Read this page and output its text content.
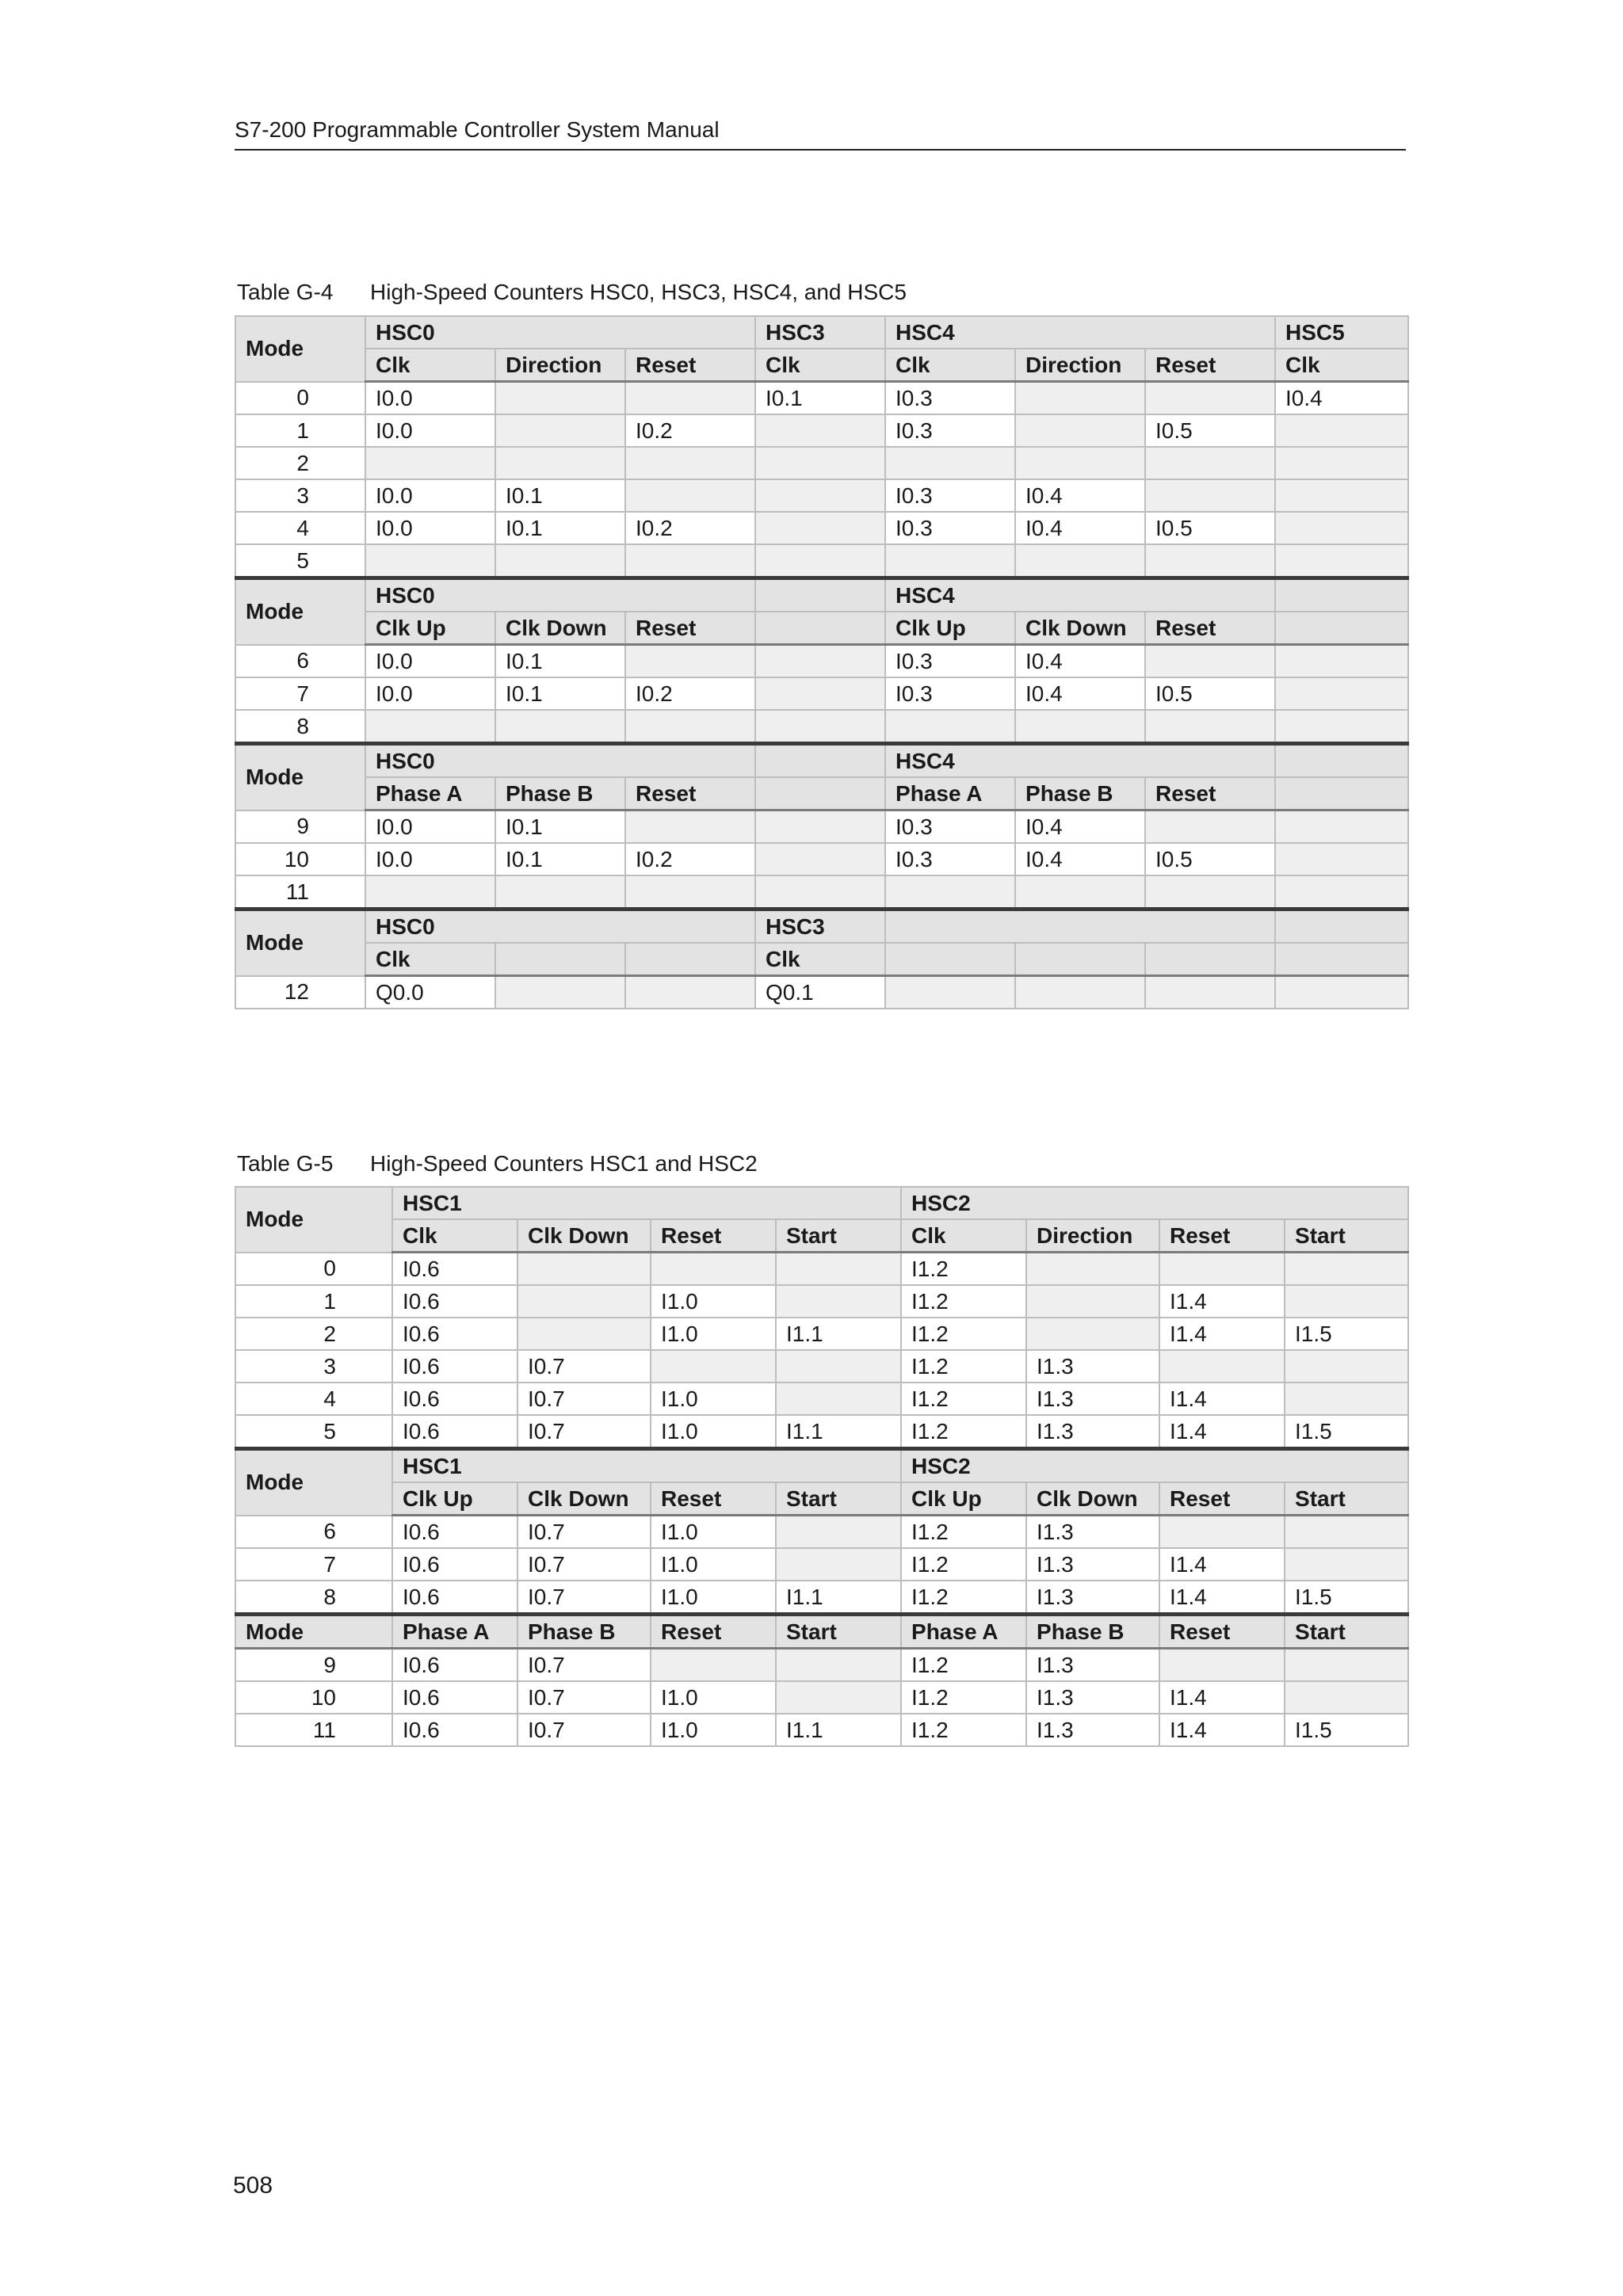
S7-200 Programmable Controller System Manual
Table G-4 High-Speed Counters HSC0, HSC3, HSC4, and HSC5
Mode	HSC0			HSC3	HSC4			HSC5
	Clk	Direction	Reset	Clk	Clk	Direction	Reset	Clk
0	I0.0			I0.1	I0.3			I0.4
1	I0.0		I0.2		I0.3		I0.5	
2								
3	I0.0	I0.1			I0.3	I0.4		
4	I0.0	I0.1	I0.2		I0.3	I0.4	I0.5	
5								
Mode	HSC0				HSC4			
	Clk Up	Clk Down	Reset		Clk Up	Clk Down	Reset	
6	I0.0	I0.1			I0.3	I0.4		
7	I0.0	I0.1	I0.2		I0.3	I0.4	I0.5	
8								
Mode	HSC0				HSC4			
	Phase A	Phase B	Reset		Phase A	Phase B	Reset	
9	I0.0	I0.1			I0.3	I0.4		
10	I0.0	I0.1	I0.2		I0.3	I0.4	I0.5	
11								
Mode	HSC0			HSC3				
	Clk			Clk				
12	Q0.0			Q0.1				
Table G-5 High-Speed Counters HSC1 and HSC2
Mode	HSC1				HSC2			
	Clk	Clk Down	Reset	Start	Clk	Direction	Reset	Start
0	I0.6				I1.2			
1	I0.6		I1.0		I1.2		I1.4	
2	I0.6		I1.0	I1.1	I1.2		I1.4	I1.5
3	I0.6	I0.7			I1.2	I1.3		
4	I0.6	I0.7	I1.0		I1.2	I1.3	I1.4	
5	I0.6	I0.7	I1.0	I1.1	I1.2	I1.3	I1.4	I1.5
Mode	HSC1				HSC2			
	Clk Up	Clk Down	Reset	Start	Clk Up	Clk Down	Reset	Start
6	I0.6	I0.7	I1.0		I1.2	I1.3		
7	I0.6	I0.7	I1.0		I1.2	I1.3	I1.4	
8	I0.6	I0.7	I1.0	I1.1	I1.2	I1.3	I1.4	I1.5
Mode	Phase A	Phase B	Reset	Start	Phase A	Phase B	Reset	Start
9	I0.6	I0.7			I1.2	I1.3		
10	I0.6	I0.7	I1.0		I1.2	I1.3	I1.4	
11	I0.6	I0.7	I1.0	I1.1	I1.2	I1.3	I1.4	I1.5
508
